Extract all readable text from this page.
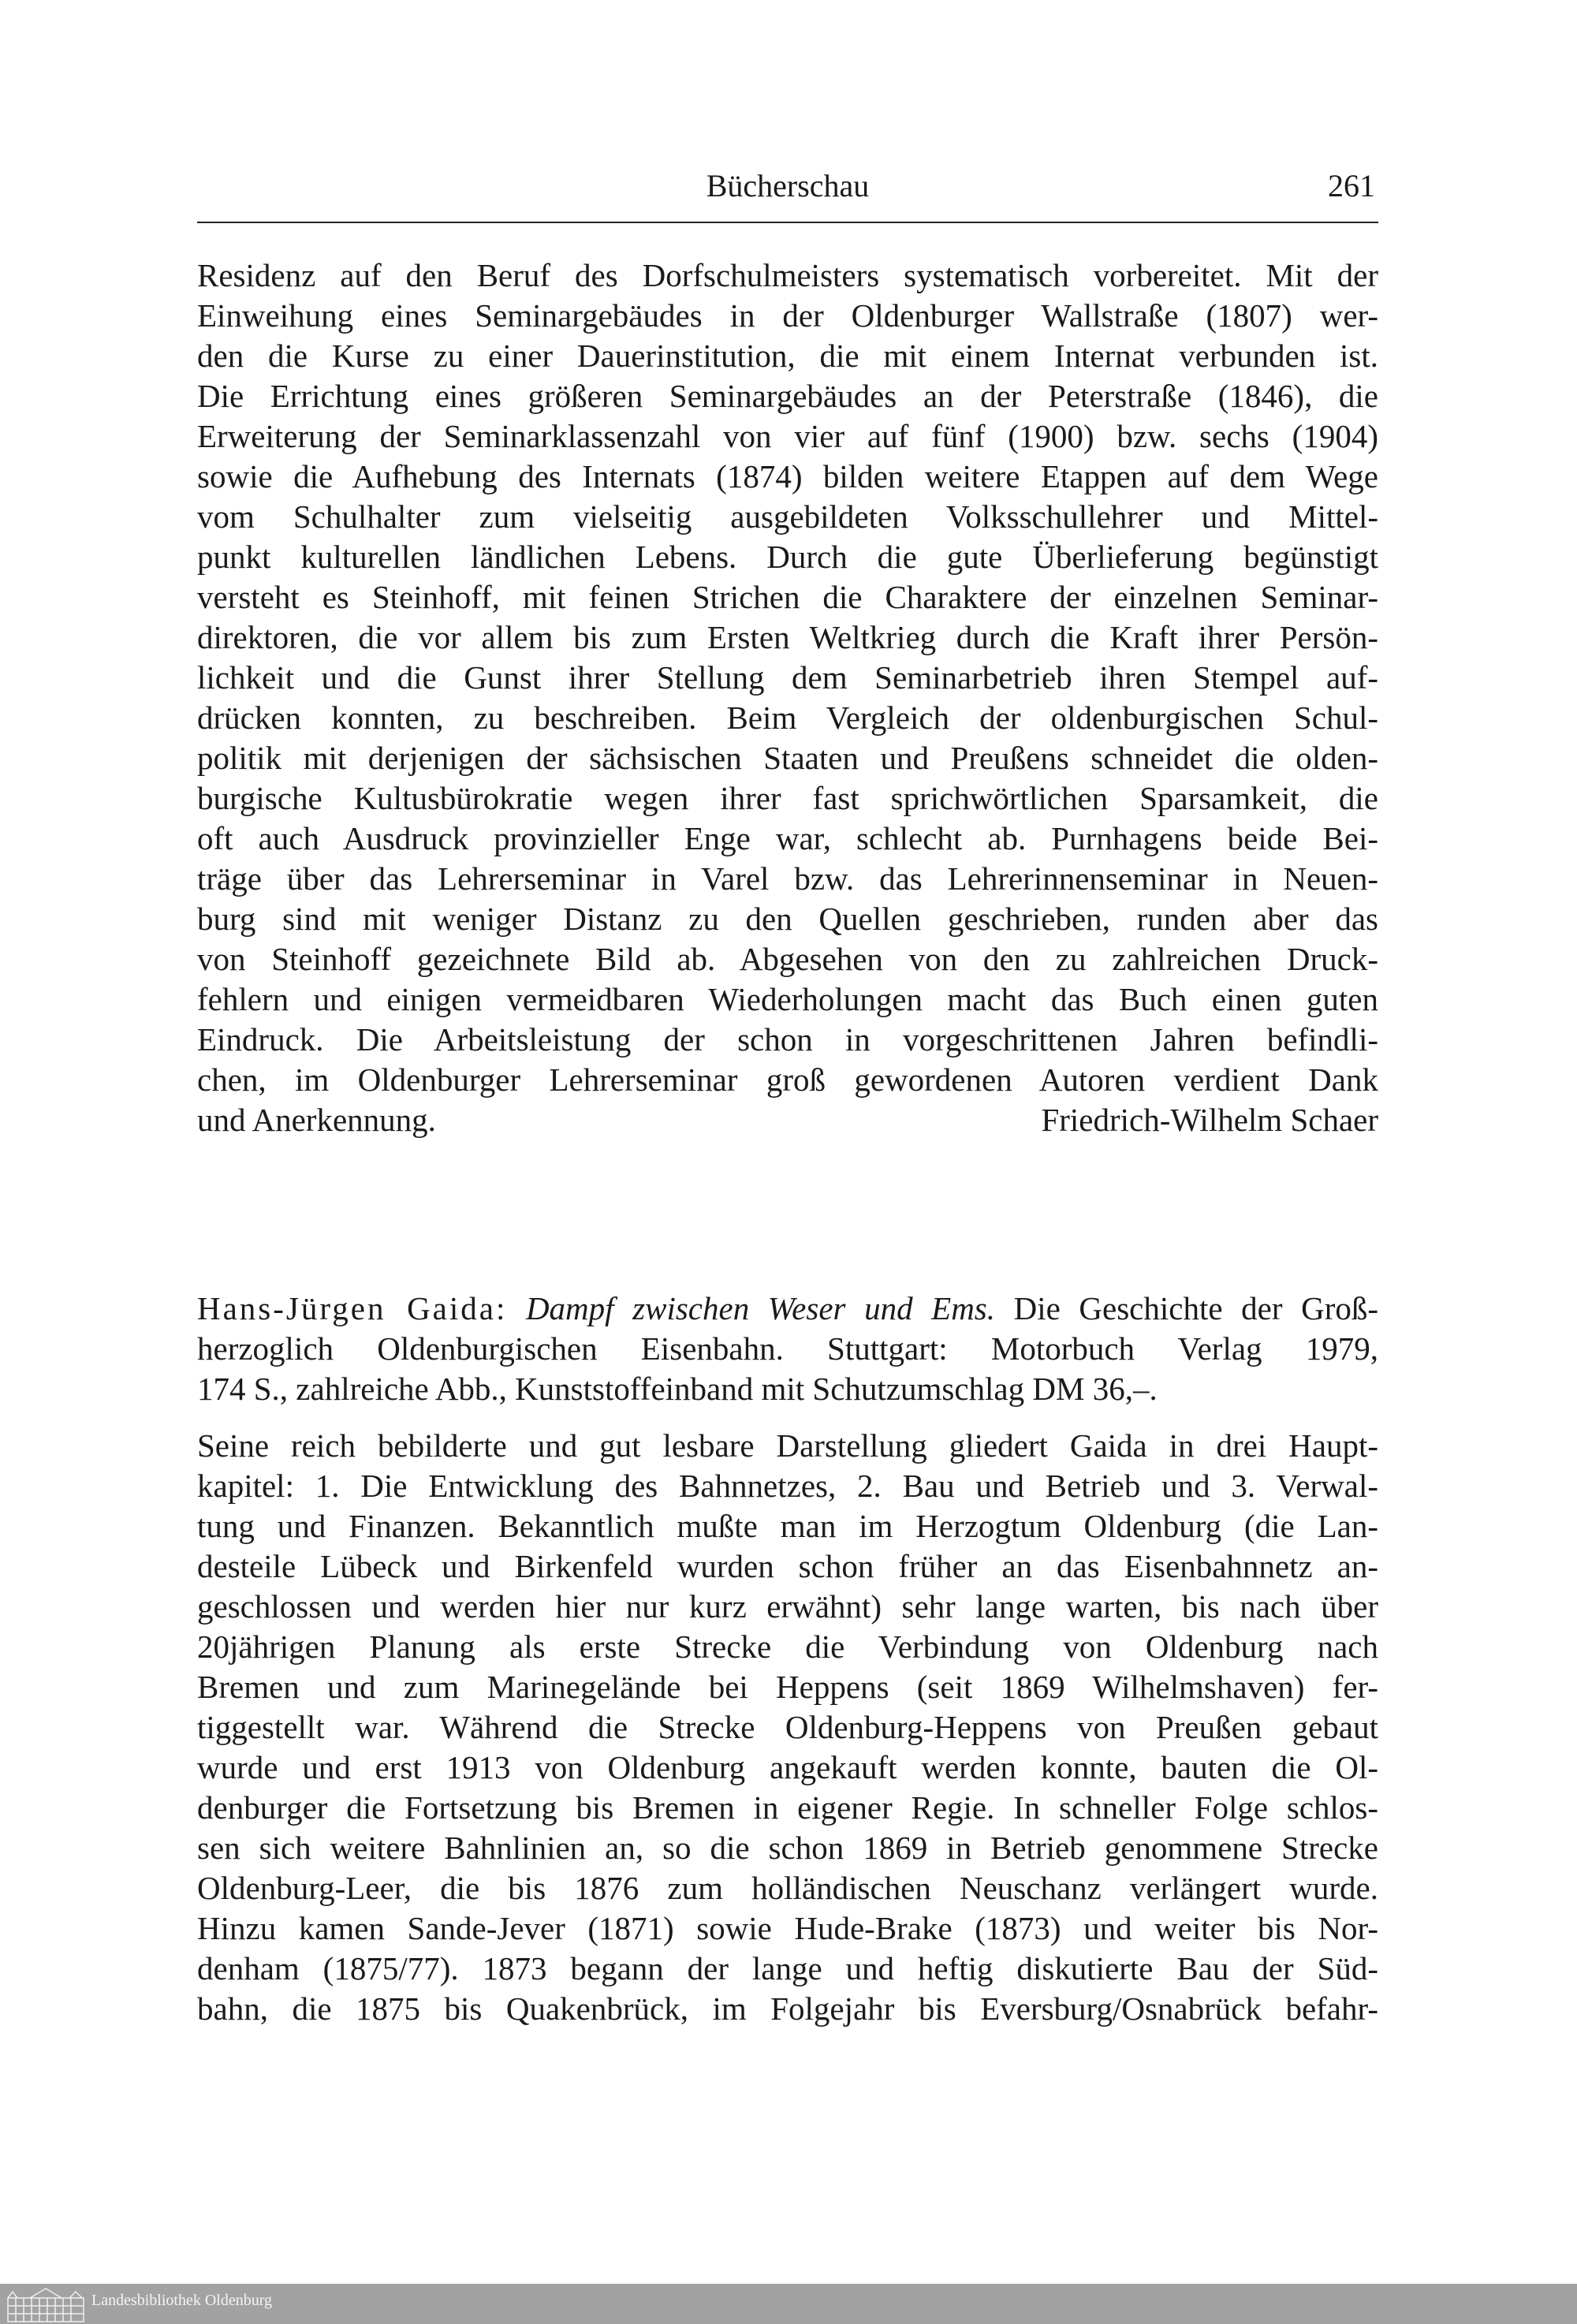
Bücherschau	261
Residenz auf den Beruf des Dorfschulmeisters systematisch vorbereitet. Mit der
Einweihung eines Seminargebäudes in der Oldenburger Wallstraße (1807) wer-
den die Kurse zu einer Dauerinstitution, die mit einem Internat verbunden ist.
Die Errichtung eines größeren Seminargebäudes an der Peterstraße (1846), die
Erweiterung der Seminarklassenzahl von vier auf fünf (1900) bzw. sechs (1904)
sowie die Aufhebung des Internats (1874) bilden weitere Etappen auf dem Wege
vom Schulhalter zum vielseitig ausgebildeten Volksschullehrer und Mittel-
punkt kulturellen ländlichen Lebens. Durch die gute Überlieferung begünstigt
versteht es Steinhoff, mit feinen Strichen die Charaktere der einzelnen Seminar-
direktoren, die vor allem bis zum Ersten Weltkrieg durch die Kraft ihrer Persön-
lichkeit und die Gunst ihrer Stellung dem Seminarbetrieb ihren Stempel auf-
drücken konnten, zu beschreiben. Beim Vergleich der oldenburgischen Schul-
politik mit derjenigen der sächsischen Staaten und Preußens schneidet die olden-
burgische Kultusbürokratie wegen ihrer fast sprichwörtlichen Sparsamkeit, die
oft auch Ausdruck provinzieller Enge war, schlecht ab. Purnhagens beide Bei-
träge über das Lehrerseminar in Varel bzw. das Lehrerinnenseminar in Neuen-
burg sind mit weniger Distanz zu den Quellen geschrieben, runden aber das
von Steinhoff gezeichnete Bild ab. Abgesehen von den zu zahlreichen Druck-
fehlern und einigen vermeidbaren Wiederholungen macht das Buch einen guten
Eindruck. Die Arbeitsleistung der schon in vorgeschrittenen Jahren befindli-
chen, im Oldenburger Lehrerseminar groß gewordenen Autoren verdient Dank
und Anerkennung.	Friedrich-Wilhelm Schaer
Hans-Jürgen Gaida: Dampf zwischen Weser und Ems. Die Geschichte der Groß-
herzoglich Oldenburgischen Eisenbahn. Stuttgart: Motorbuch Verlag 1979,
174 S., zahlreiche Abb., Kunststoffeinband mit Schutzumschlag DM 36,–.
Seine reich bebilderte und gut lesbare Darstellung gliedert Gaida in drei Haupt-
kapitel: 1. Die Entwicklung des Bahnnetzes, 2. Bau und Betrieb und 3. Verwal-
tung und Finanzen. Bekanntlich mußte man im Herzogtum Oldenburg (die Lan-
desteile Lübeck und Birkenfeld wurden schon früher an das Eisenbahnnetz an-
geschlossen und werden hier nur kurz erwähnt) sehr lange warten, bis nach über
20jährigen Planung als erste Strecke die Verbindung von Oldenburg nach
Bremen und zum Marinegelände bei Heppens (seit 1869 Wilhelmshaven) fer-
tiggestellt war. Während die Strecke Oldenburg-Heppens von Preußen gebaut
wurde und erst 1913 von Oldenburg angekauft werden konnte, bauten die Ol-
denburger die Fortsetzung bis Bremen in eigener Regie. In schneller Folge schlos-
sen sich weitere Bahnlinien an, so die schon 1869 in Betrieb genommene Strecke
Oldenburg-Leer, die bis 1876 zum holländischen Neuschanz verlängert wurde.
Hinzu kamen Sande-Jever (1871) sowie Hude-Brake (1873) und weiter bis Nor-
denham (1875/77). 1873 begann der lange und heftig diskutierte Bau der Süd-
bahn, die 1875 bis Quakenbrück, im Folgejahr bis Eversburg/Osnabrück befahr-
Landesbibliothek Oldenburg
